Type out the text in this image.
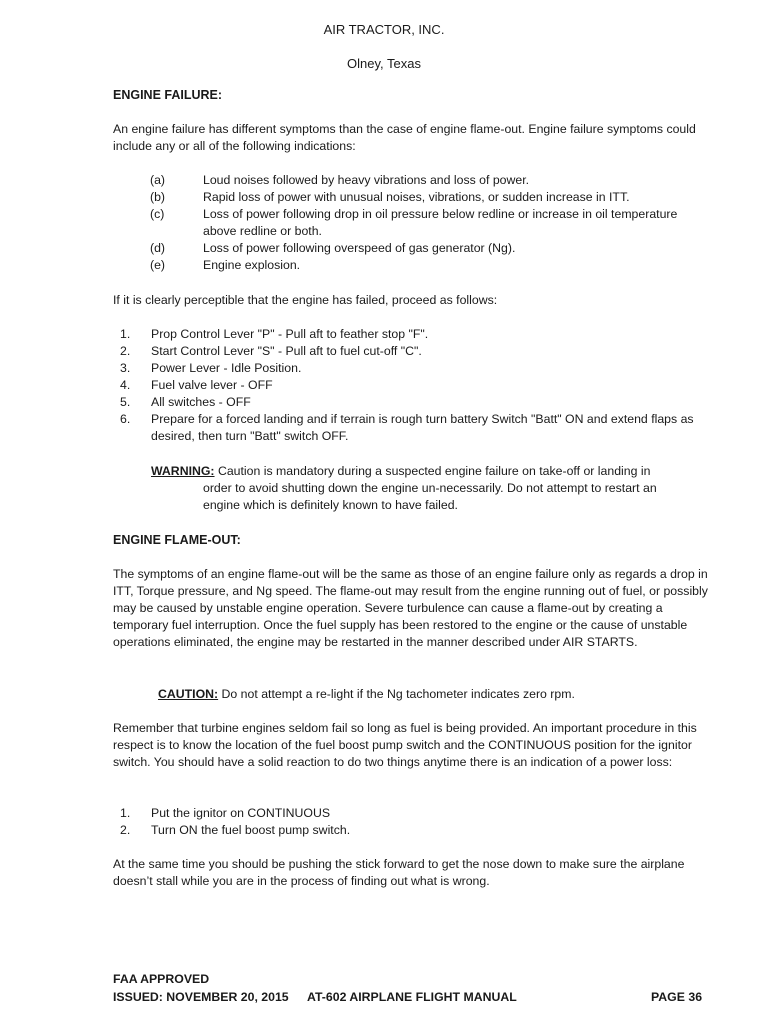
AIR TRACTOR, INC.
Olney, Texas
ENGINE FAILURE:
An engine failure has different symptoms than the case of engine flame-out. Engine failure symptoms could include any or all of the following indications:
(a)	Loud noises followed by heavy vibrations and loss of power.
(b)	Rapid loss of power with unusual noises, vibrations, or sudden increase in ITT.
(c)	Loss of power following drop in oil pressure below redline or increase in oil temperature above redline or both.
(d)	Loss of power following overspeed of gas generator (Ng).
(e)	Engine explosion.
If it is clearly perceptible that the engine has failed, proceed as follows:
1. Prop Control Lever "P" - Pull aft to feather stop "F".
2. Start Control Lever "S" - Pull aft to fuel cut-off "C".
3. Power Lever - Idle Position.
4. Fuel valve lever - OFF
5. All switches - OFF
6. Prepare for a forced landing and if terrain is rough turn battery Switch "Batt" ON and extend flaps as desired, then turn "Batt" switch OFF.
WARNING: Caution is mandatory during a suspected engine failure on take-off or landing in order to avoid shutting down the engine un-necessarily. Do not attempt to restart an engine which is definitely known to have failed.
ENGINE FLAME-OUT:
The symptoms of an engine flame-out will be the same as those of an engine failure only as regards a drop in ITT, Torque pressure, and Ng speed. The flame-out may result from the engine running out of fuel, or possibly may be caused by unstable engine operation. Severe turbulence can cause a flame-out by creating a temporary fuel interruption. Once the fuel supply has been restored to the engine or the cause of unstable operations eliminated, the engine may be restarted in the manner described under AIR STARTS.
CAUTION: Do not attempt a re-light if the Ng tachometer indicates zero rpm.
Remember that turbine engines seldom fail so long as fuel is being provided. An important procedure in this respect is to know the location of the fuel boost pump switch and the CONTINUOUS position for the ignitor switch. You should have a solid reaction to do two things anytime there is an indication of a power loss:
1. Put the ignitor on CONTINUOUS
2. Turn ON the fuel boost pump switch.
At the same time you should be pushing the stick forward to get the nose down to make sure the airplane doesn’t stall while you are in the process of finding out what is wrong.
FAA APPROVED
ISSUED: NOVEMBER 20, 2015 AT-602 AIRPLANE FLIGHT MANUAL	PAGE 36
